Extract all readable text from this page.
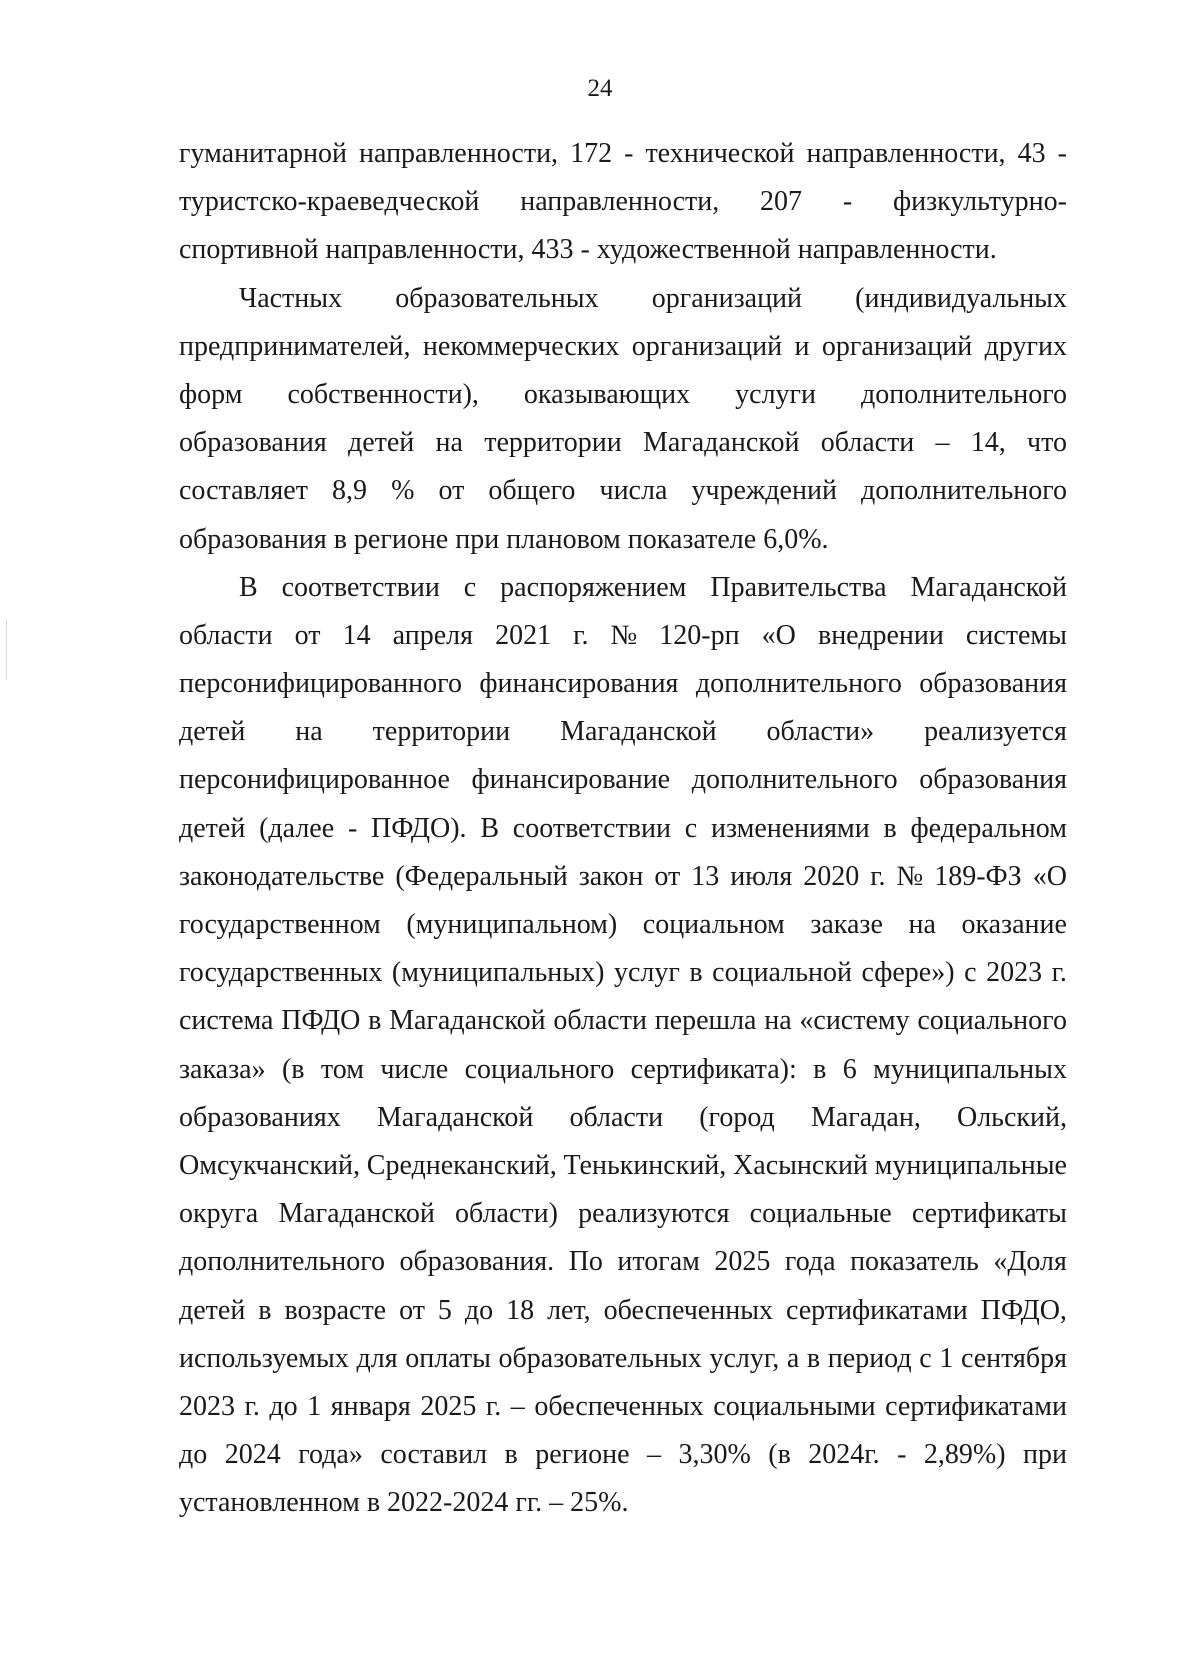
24
гуманитарной направленности, 172 - технической направленности, 43 -
туристско-краеведческой направленности, 207 - физкультурно-
спортивной направленности, 433 - художественной направленности.
Частных образовательных организаций (индивидуальных
предпринимателей, некоммерческих организаций и организаций других
форм собственности), оказывающих услуги дополнительного
образования детей на территории Магаданской области – 14, что
составляет 8,9 % от общего числа учреждений дополнительного
образования в регионе при плановом показателе 6,0%.
В соответствии с распоряжением Правительства Магаданской
области от 14 апреля 2021 г. № 120-рп «О внедрении системы
персонифицированного финансирования дополнительного образования
детей на территории Магаданской области» реализуется
персонифицированное финансирование дополнительного образования
детей (далее - ПФДО). В соответствии с изменениями в федеральном
законодательстве (Федеральный закон от 13 июля 2020 г. № 189-ФЗ «О
государственном (муниципальном) социальном заказе на оказание
государственных (муниципальных) услуг в социальной сфере») с 2023 г.
система ПФДО в Магаданской области перешла на «систему социального
заказа» (в том числе социального сертификата): в 6 муниципальных
образованиях Магаданской области (город Магадан, Ольский,
Омсукчанский, Среднеканский, Тенькинский, Хасынский муниципальные
округа Магаданской области) реализуются социальные сертификаты
дополнительного образования. По итогам 2025 года показатель «Доля
детей в возрасте от 5 до 18 лет, обеспеченных сертификатами ПФДО,
используемых для оплаты образовательных услуг, а в период с 1 сентября
2023 г. до 1 января 2025 г. – обеспеченных социальными сертификатами
до 2024 года» составил в регионе – 3,30% (в 2024г. - 2,89%) при
установленном в 2022-2024 гг. – 25%.
